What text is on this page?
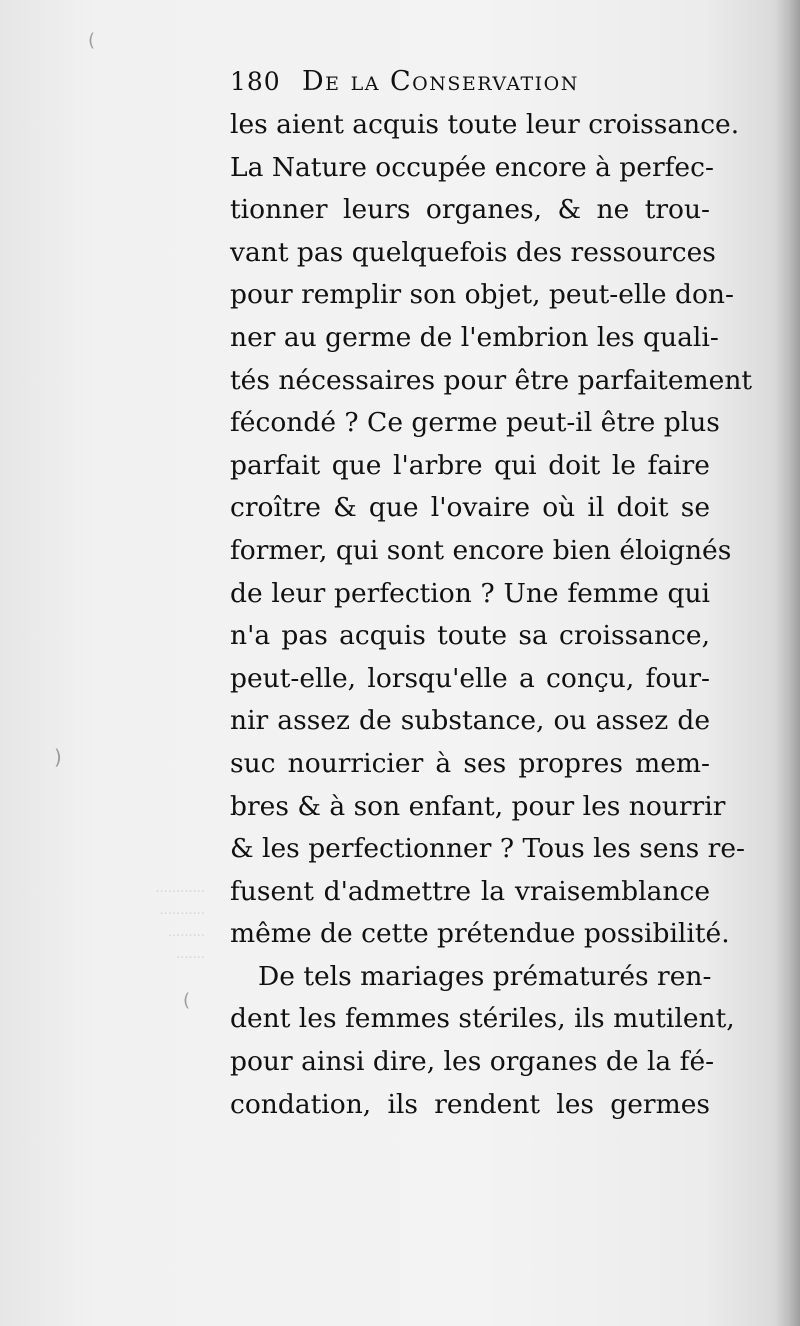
............
...........
.........
.......
(
)
(
180 De la Conservation
les aient acquis toute leur croissance.
La Nature occupée encore à perfec-
tionner leurs organes, & ne trou-
vant pas quelquefois des ressources
pour remplir son objet, peut-elle don-
ner au germe de l'embrion les quali-
tés nécessaires pour être parfaitement
fécondé ? Ce germe peut-il être plus
parfait que l'arbre qui doit le faire
croître & que l'ovaire où il doit se
former, qui sont encore bien éloignés
de leur perfection ? Une femme qui
n'a pas acquis toute sa croissance,
peut-elle, lorsqu'elle a conçu, four-
nir assez de substance, ou assez de
suc nourricier à ses propres mem-
bres & à son enfant, pour les nourrir
& les perfectionner ? Tous les sens re-
fusent d'admettre la vraisemblance
même de cette prétendue possibilité.
De tels mariages prématurés ren-
dent les femmes stériles, ils mutilent,
pour ainsi dire, les organes de la fé-
condation, ils rendent les germes
